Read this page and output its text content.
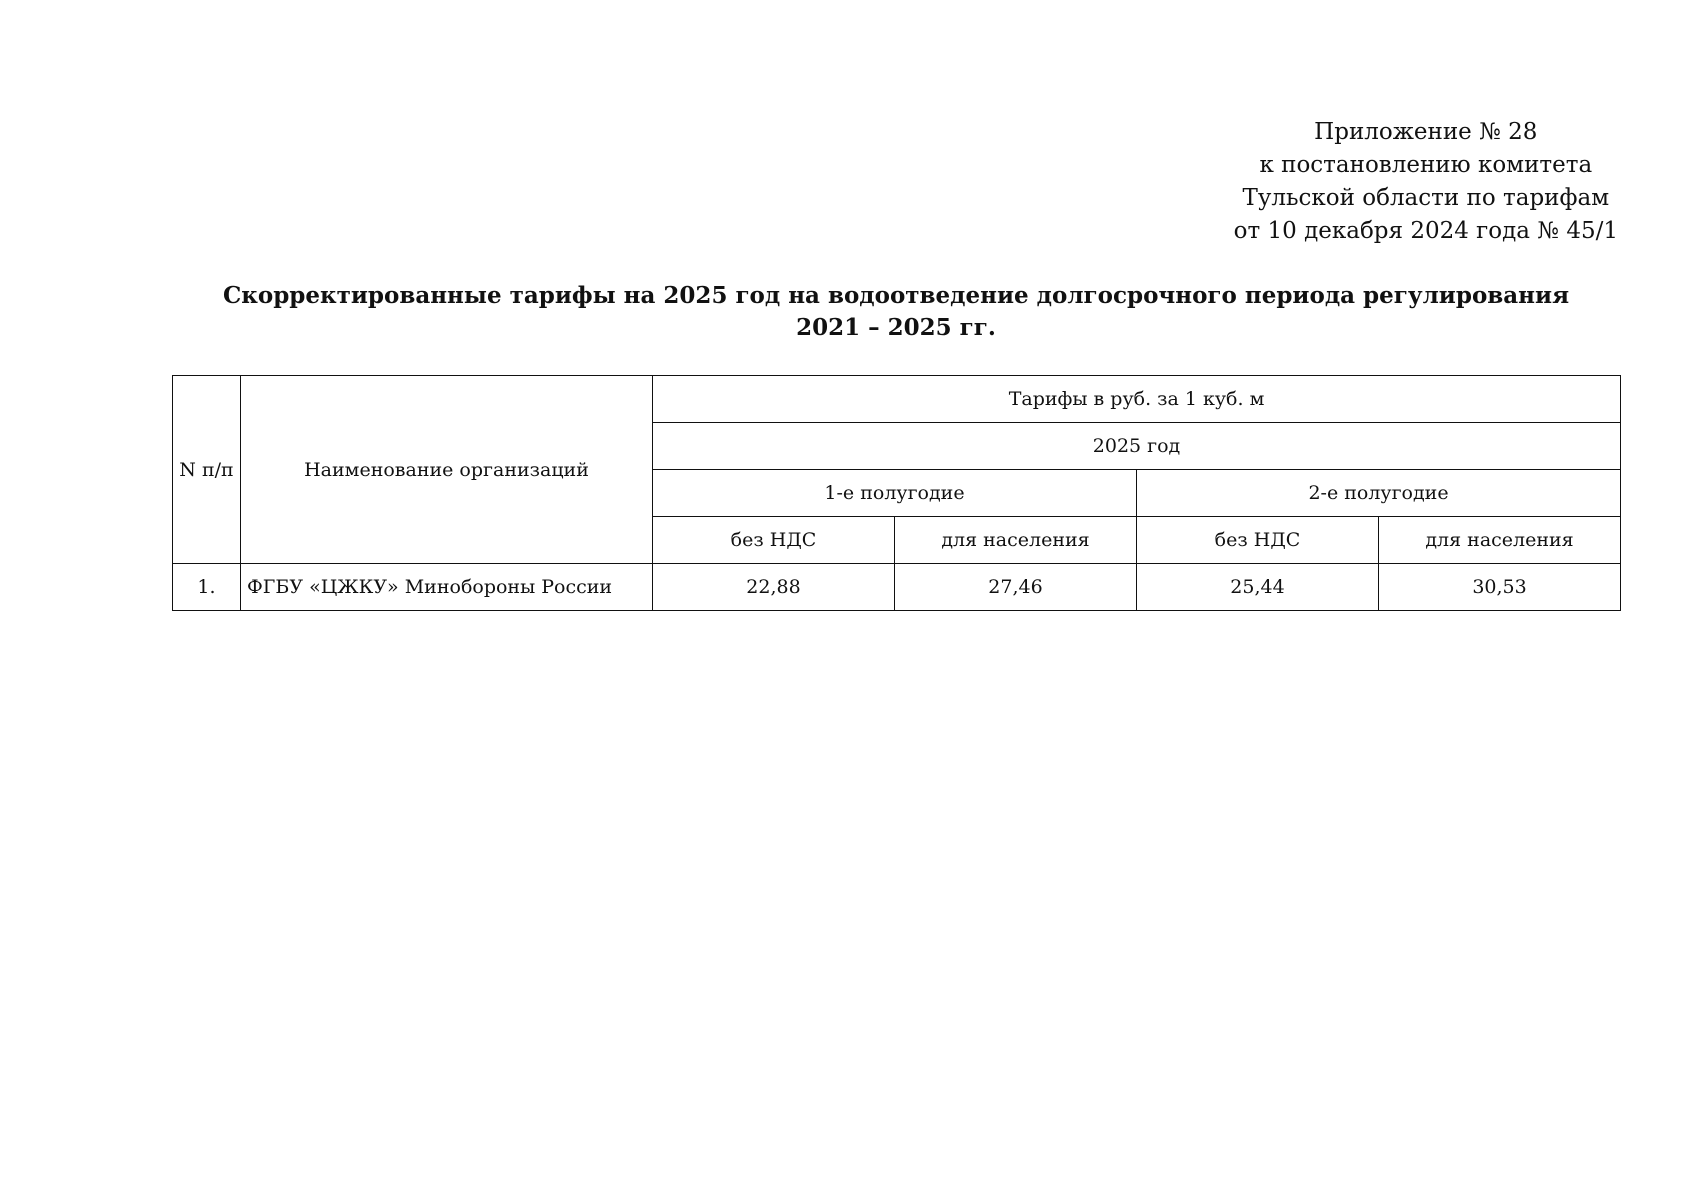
Приложение № 28
к постановлению комитета
Тульской области по тарифам
от 10 декабря 2024 года № 45/1
Скорректированные тарифы на 2025 год на водоотведение долгосрочного периода регулирования
2021 – 2025 гг.
N п/п	Наименование организаций	Тарифы в руб. за 1 куб. м			
		2025 год			
		1-е полугодие		2-е полугодие	
		без НДС	для населения	без НДС	для населения
1.	ФГБУ «ЦЖКУ» Минобороны России	22,88	27,46	25,44	30,53
